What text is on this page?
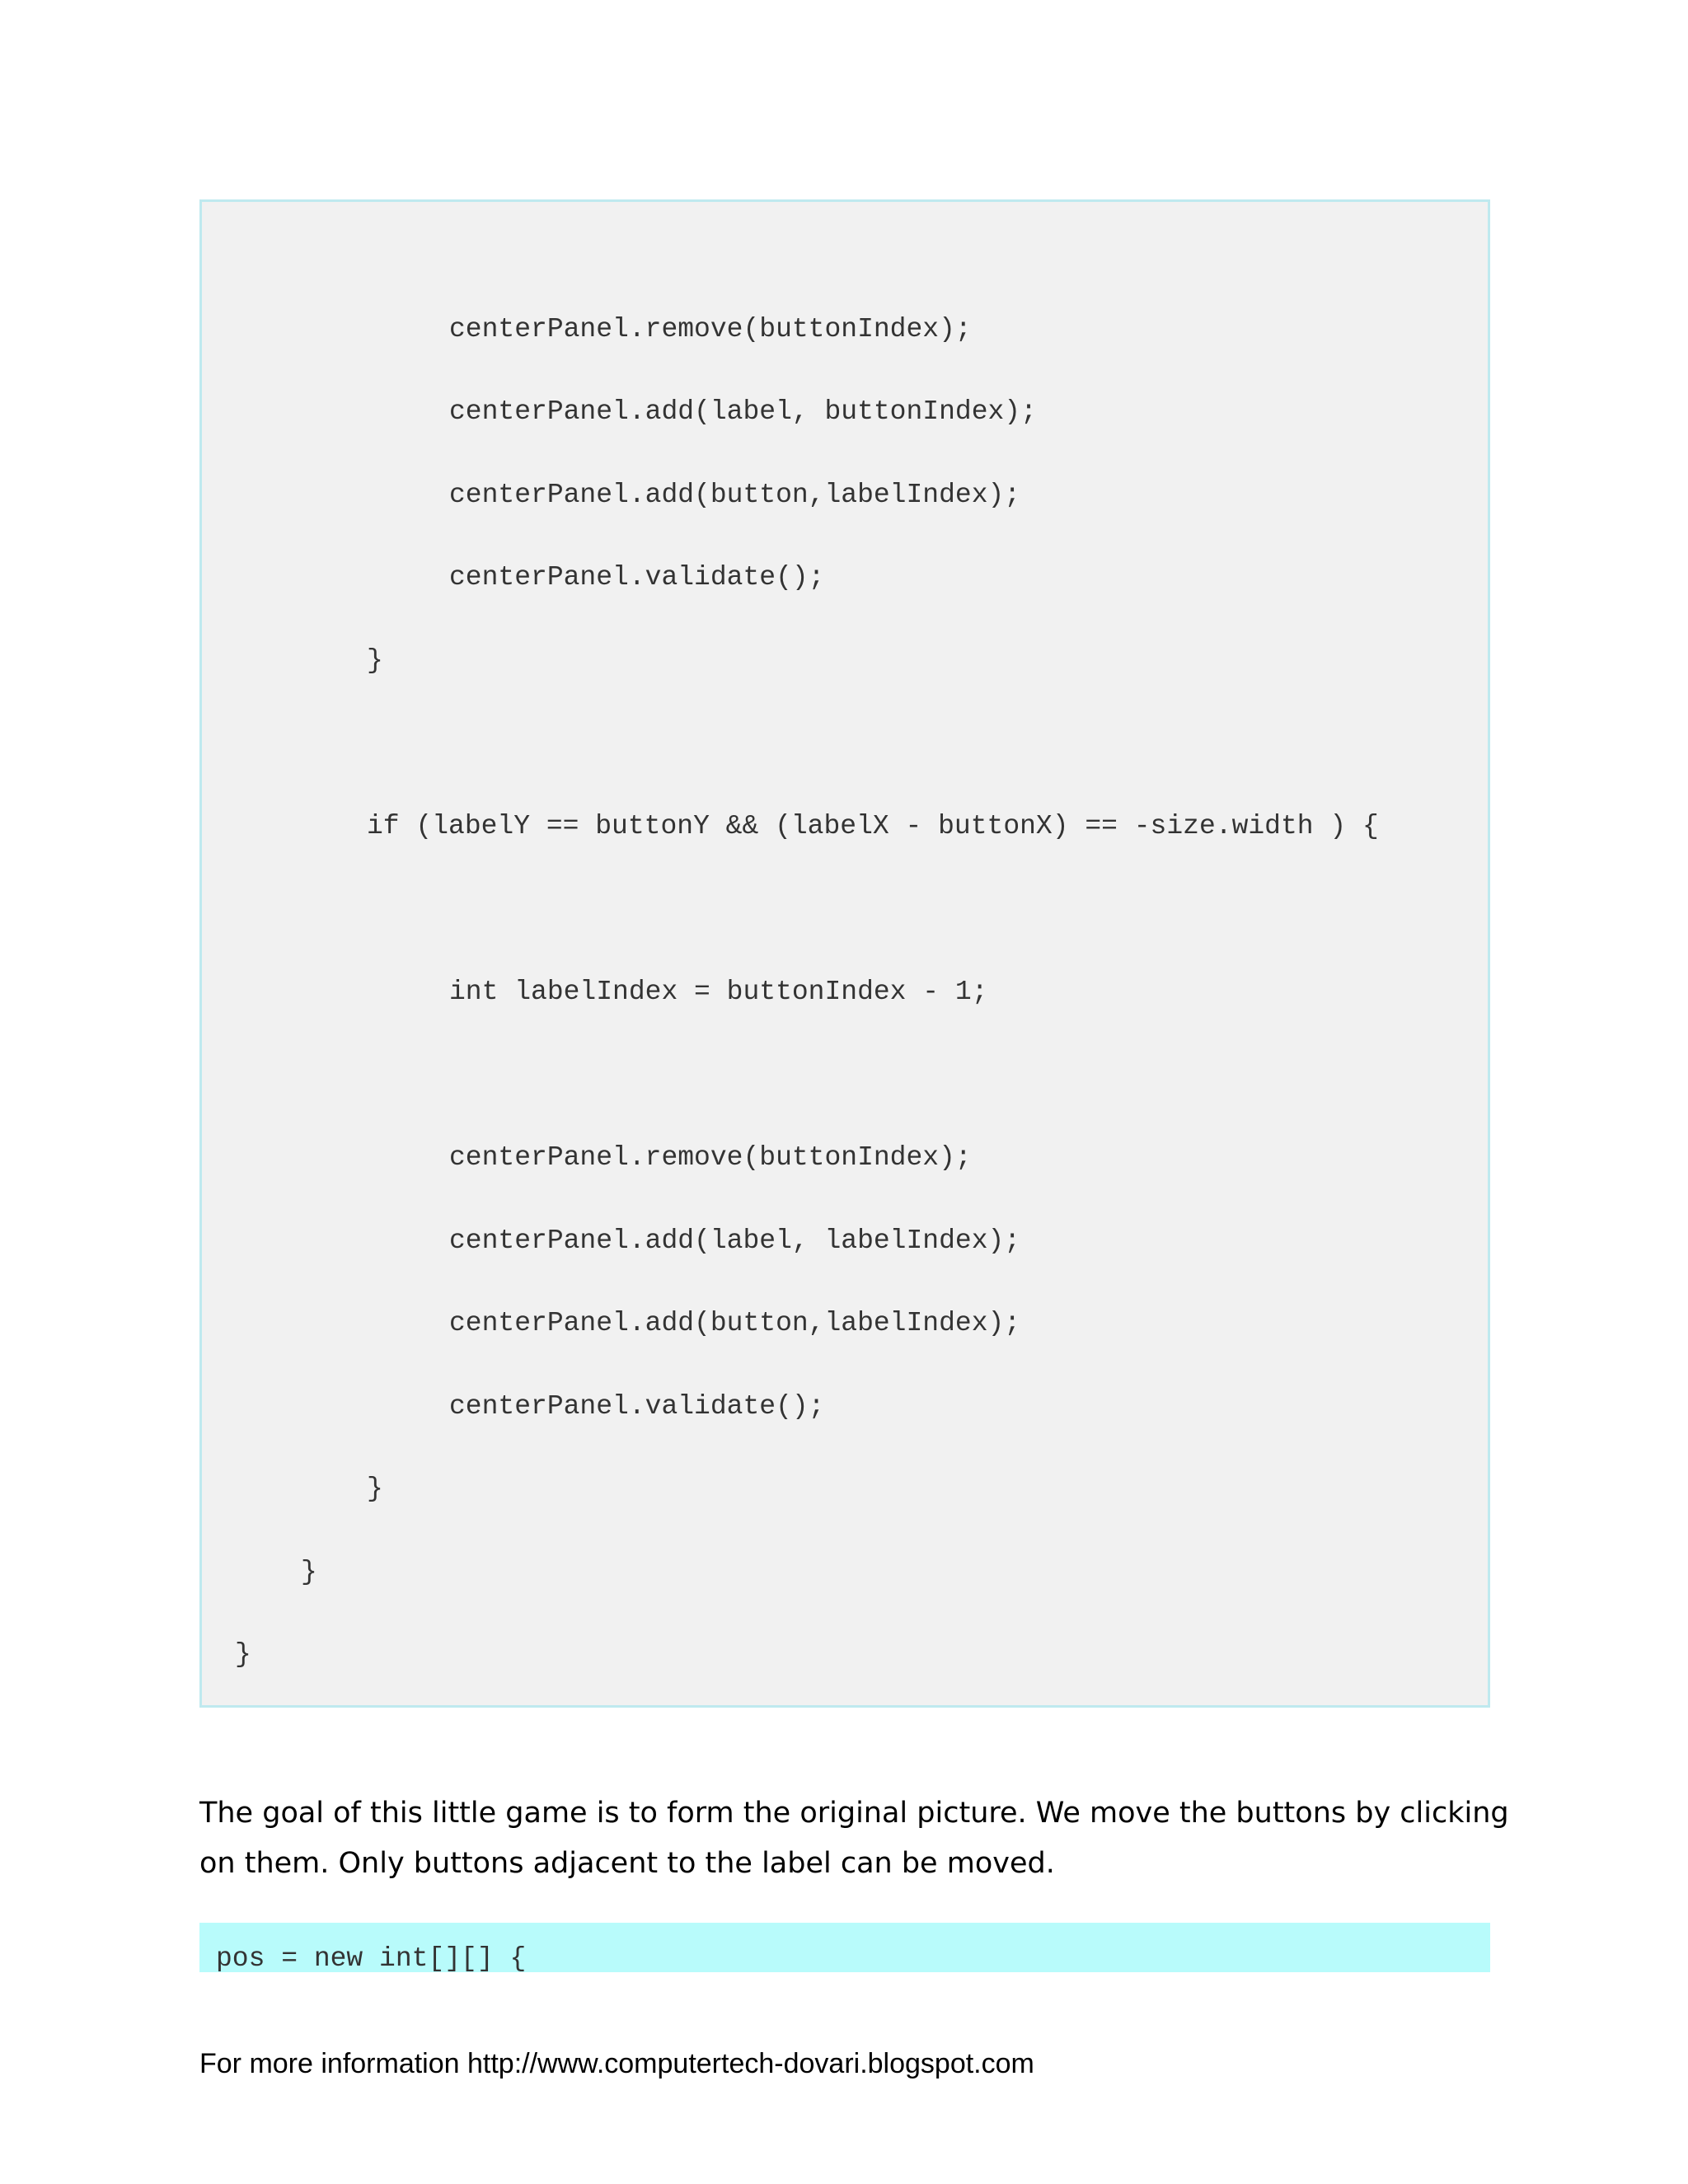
centerPanel.remove(buttonIndex);
centerPanel.add(label, buttonIndex);
centerPanel.add(button,labelIndex);
centerPanel.validate();
}
if (labelY == buttonY && (labelX - buttonX) == -size.width ) {
int labelIndex = buttonIndex - 1;
centerPanel.remove(buttonIndex);
centerPanel.add(label, labelIndex);
centerPanel.add(button,labelIndex);
centerPanel.validate();
}
}
}
The goal of this little game is to form the original picture. We move the buttons by clicking
on them. Only buttons adjacent to the label can be moved.
pos = new int[][] {

For more information http://www.computertech-dovari.blogspot.com
